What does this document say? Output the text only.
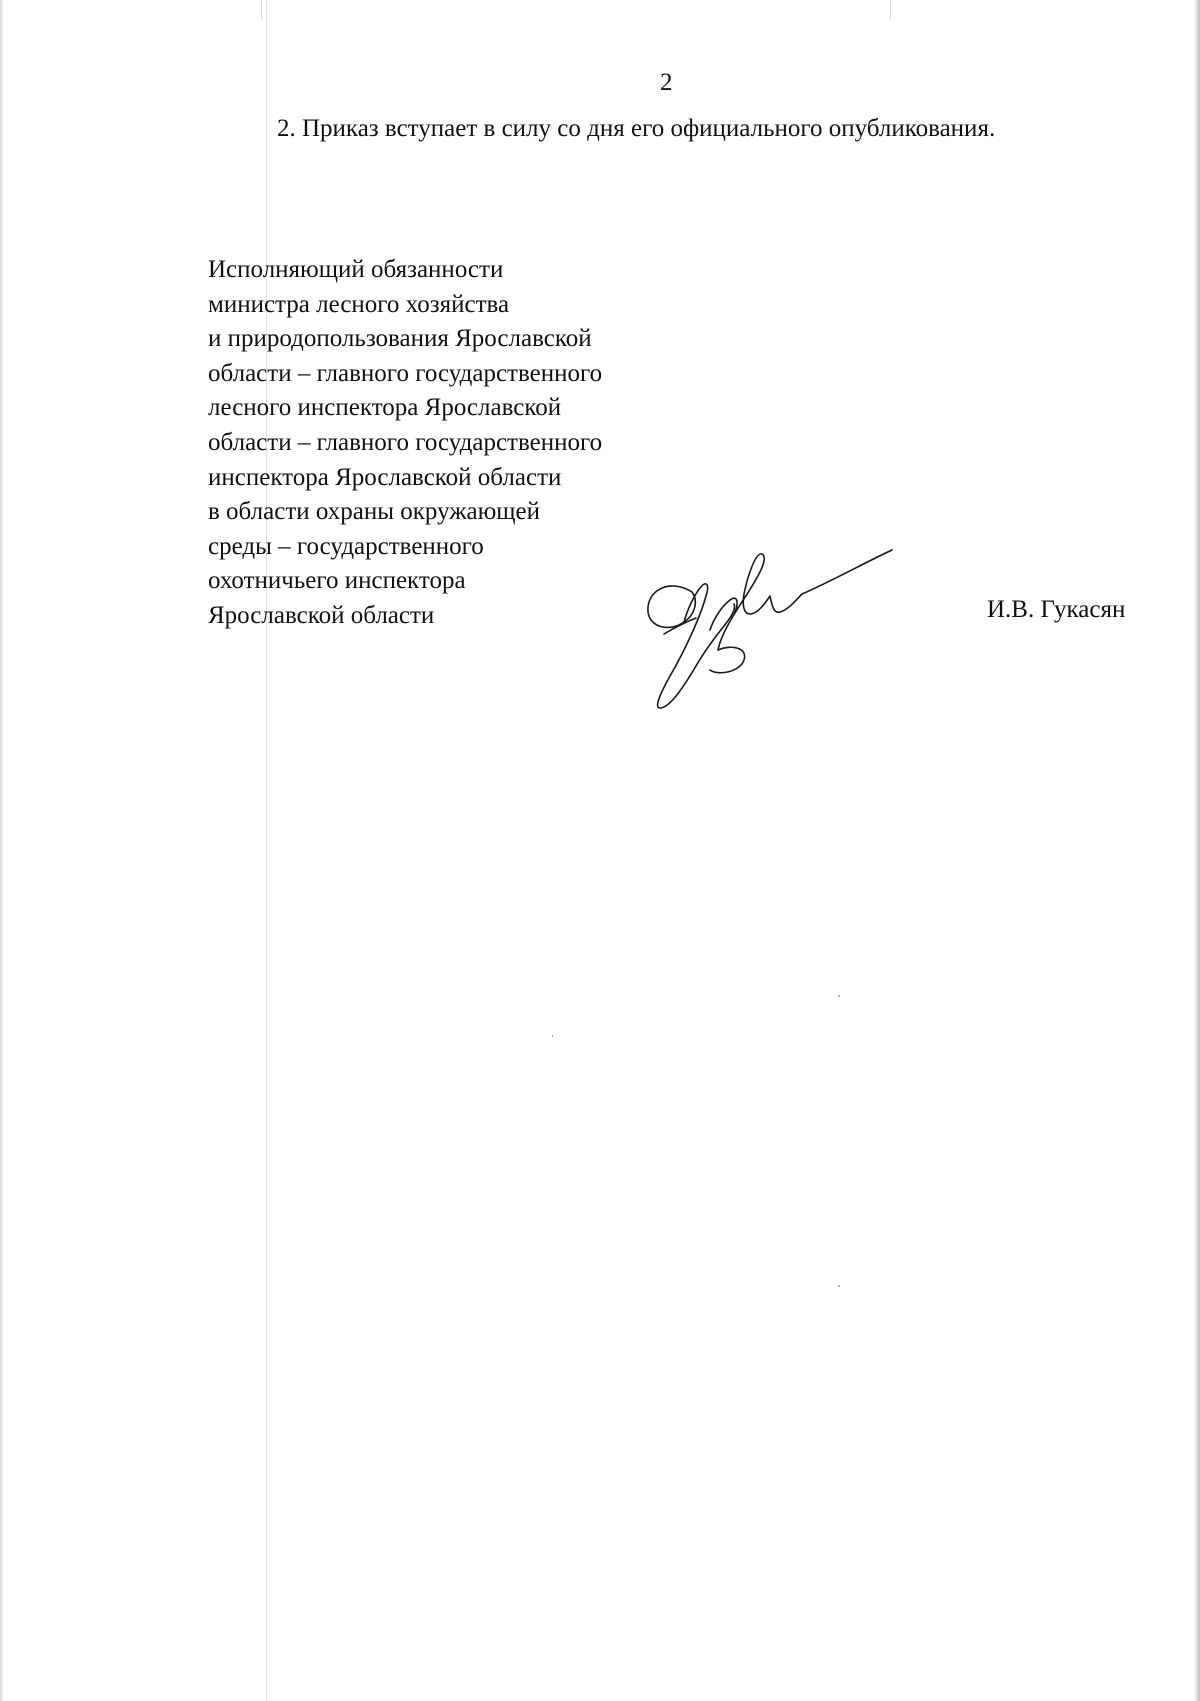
2
2. Приказ вступает в силу со дня его официального опубликования.
Исполняющий обязанности
министра лесного хозяйства
и природопользования Ярославской
области – главного государственного
лесного инспектора Ярославской
области – главного государственного
инспектора Ярославской области
в области охраны окружающей
среды – государственного
охотничьего инспектора
Ярославской области	И.В. Гукасян
